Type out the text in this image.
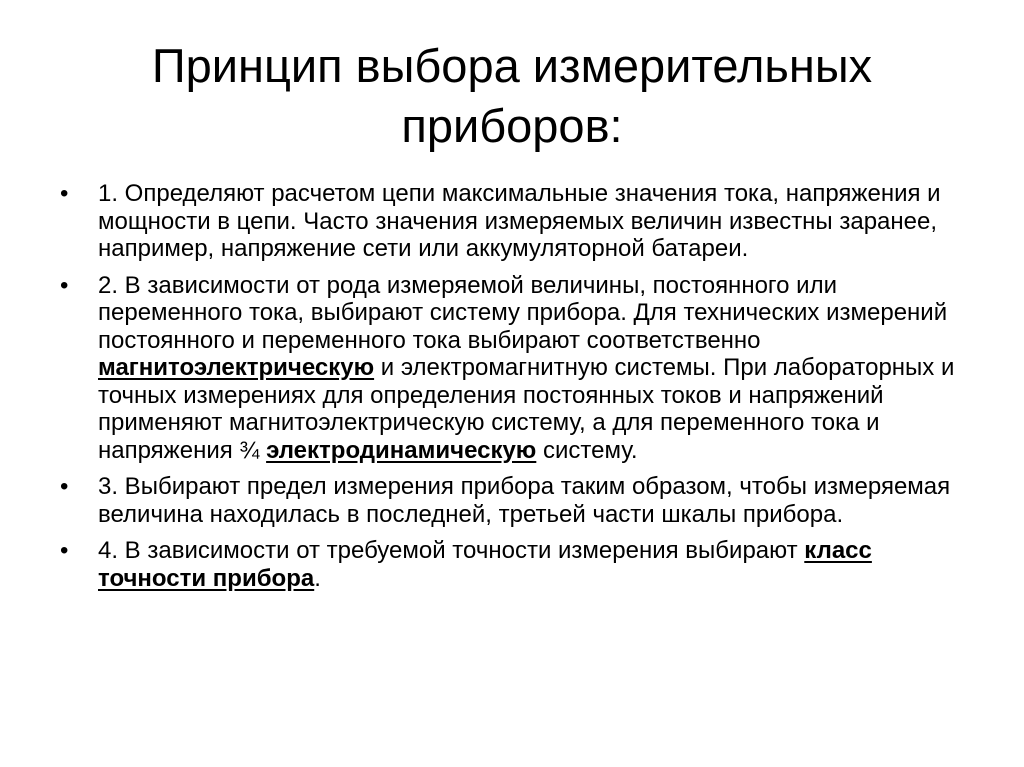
Принцип выбора измерительных приборов:
•	1. Определяют расчетом цепи максимальные значения тока, напряжения и мощности в цепи. Часто значения измеряемых величин известны заранее, например, напряжение сети или аккумуляторной батареи.
•	2. В зависимости от рода измеряемой величины, постоянного или переменного тока, выбирают систему прибора. Для технических измерений постоянного и переменного тока выбирают соответственно магнитоэлектрическую и электромагнитную системы. При лабораторных и точных измерениях для определения постоянных токов и напряжений применяют магнитоэлектрическую систему, а для переменного тока и напряжения ¾ электродинамическую систему.
•	3. Выбирают предел измерения прибора таким образом, чтобы измеряемая величина находилась в последней, третьей части шкалы прибора.
•	4. В зависимости от требуемой точности измерения выбирают класс точности прибора.
